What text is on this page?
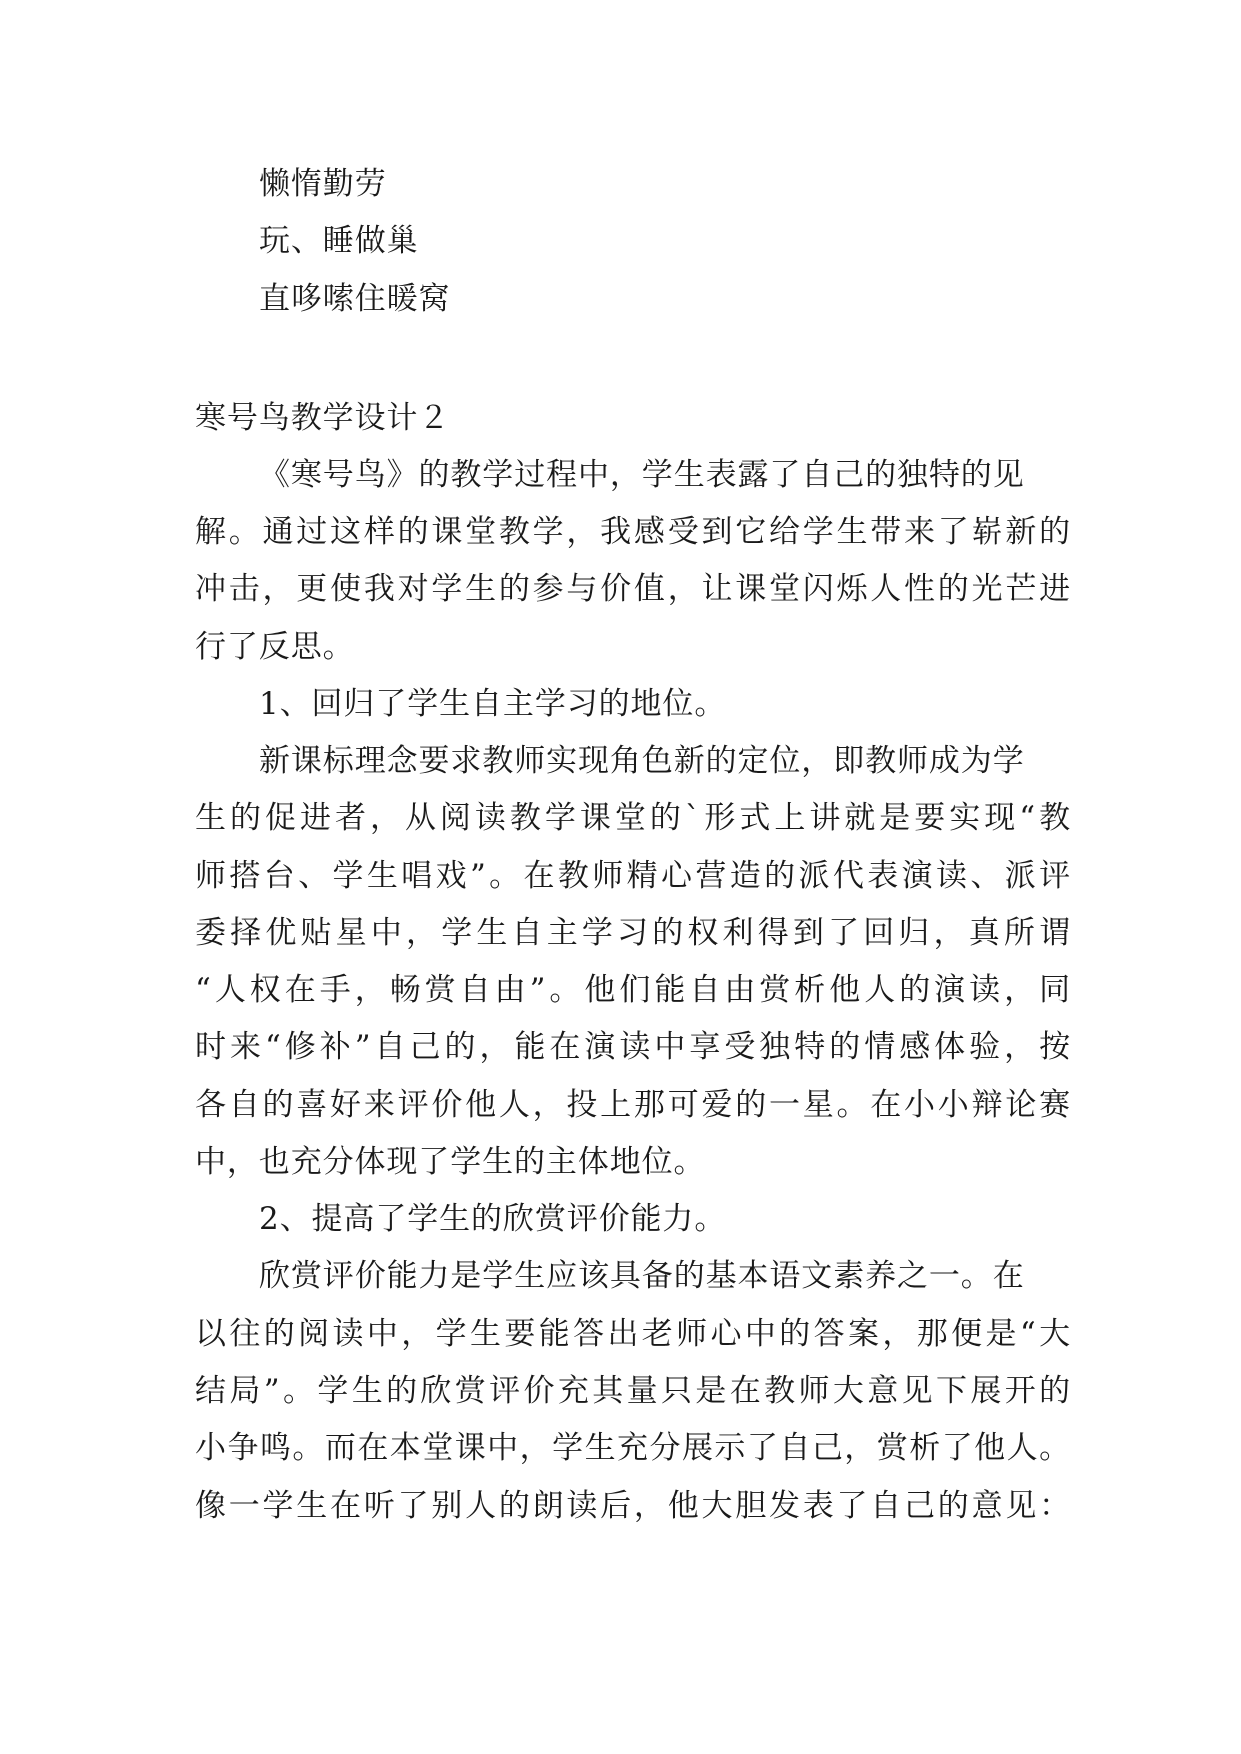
懒惰勤劳
玩、睡做巢
直哆嗦住暖窝
寒号鸟教学设计２
《寒号鸟》的教学过程中，学生表露了自己的独特的见
解。通过这样的课堂教学，我感受到它给学生带来了崭新的
冲击，更使我对学生的参与价值，让课堂闪烁人性的光芒进
行了反思。
1、回归了学生自主学习的地位。
新课标理念要求教师实现角色新的定位，即教师成为学
生的促进者，从阅读教学课堂的`形式上讲就是要实现“教
师搭台、学生唱戏”。在教师精心营造的派代表演读、派评
委择优贴星中，学生自主学习的权利得到了回归，真所谓
“人权在手，畅赏自由”。他们能自由赏析他人的演读，同
时来“修补”自己的，能在演读中享受独特的情感体验，按
各自的喜好来评价他人，投上那可爱的一星。在小小辩论赛
中，也充分体现了学生的主体地位。
2、提高了学生的欣赏评价能力。
欣赏评价能力是学生应该具备的基本语文素养之一。在
以往的阅读中，学生要能答出老师心中的答案，那便是“大
结局”。学生的欣赏评价充其量只是在教师大意见下展开的
小争鸣。而在本堂课中，学生充分展示了自己，赏析了他人。
像一学生在听了别人的朗读后，他大胆发表了自己的意见：
